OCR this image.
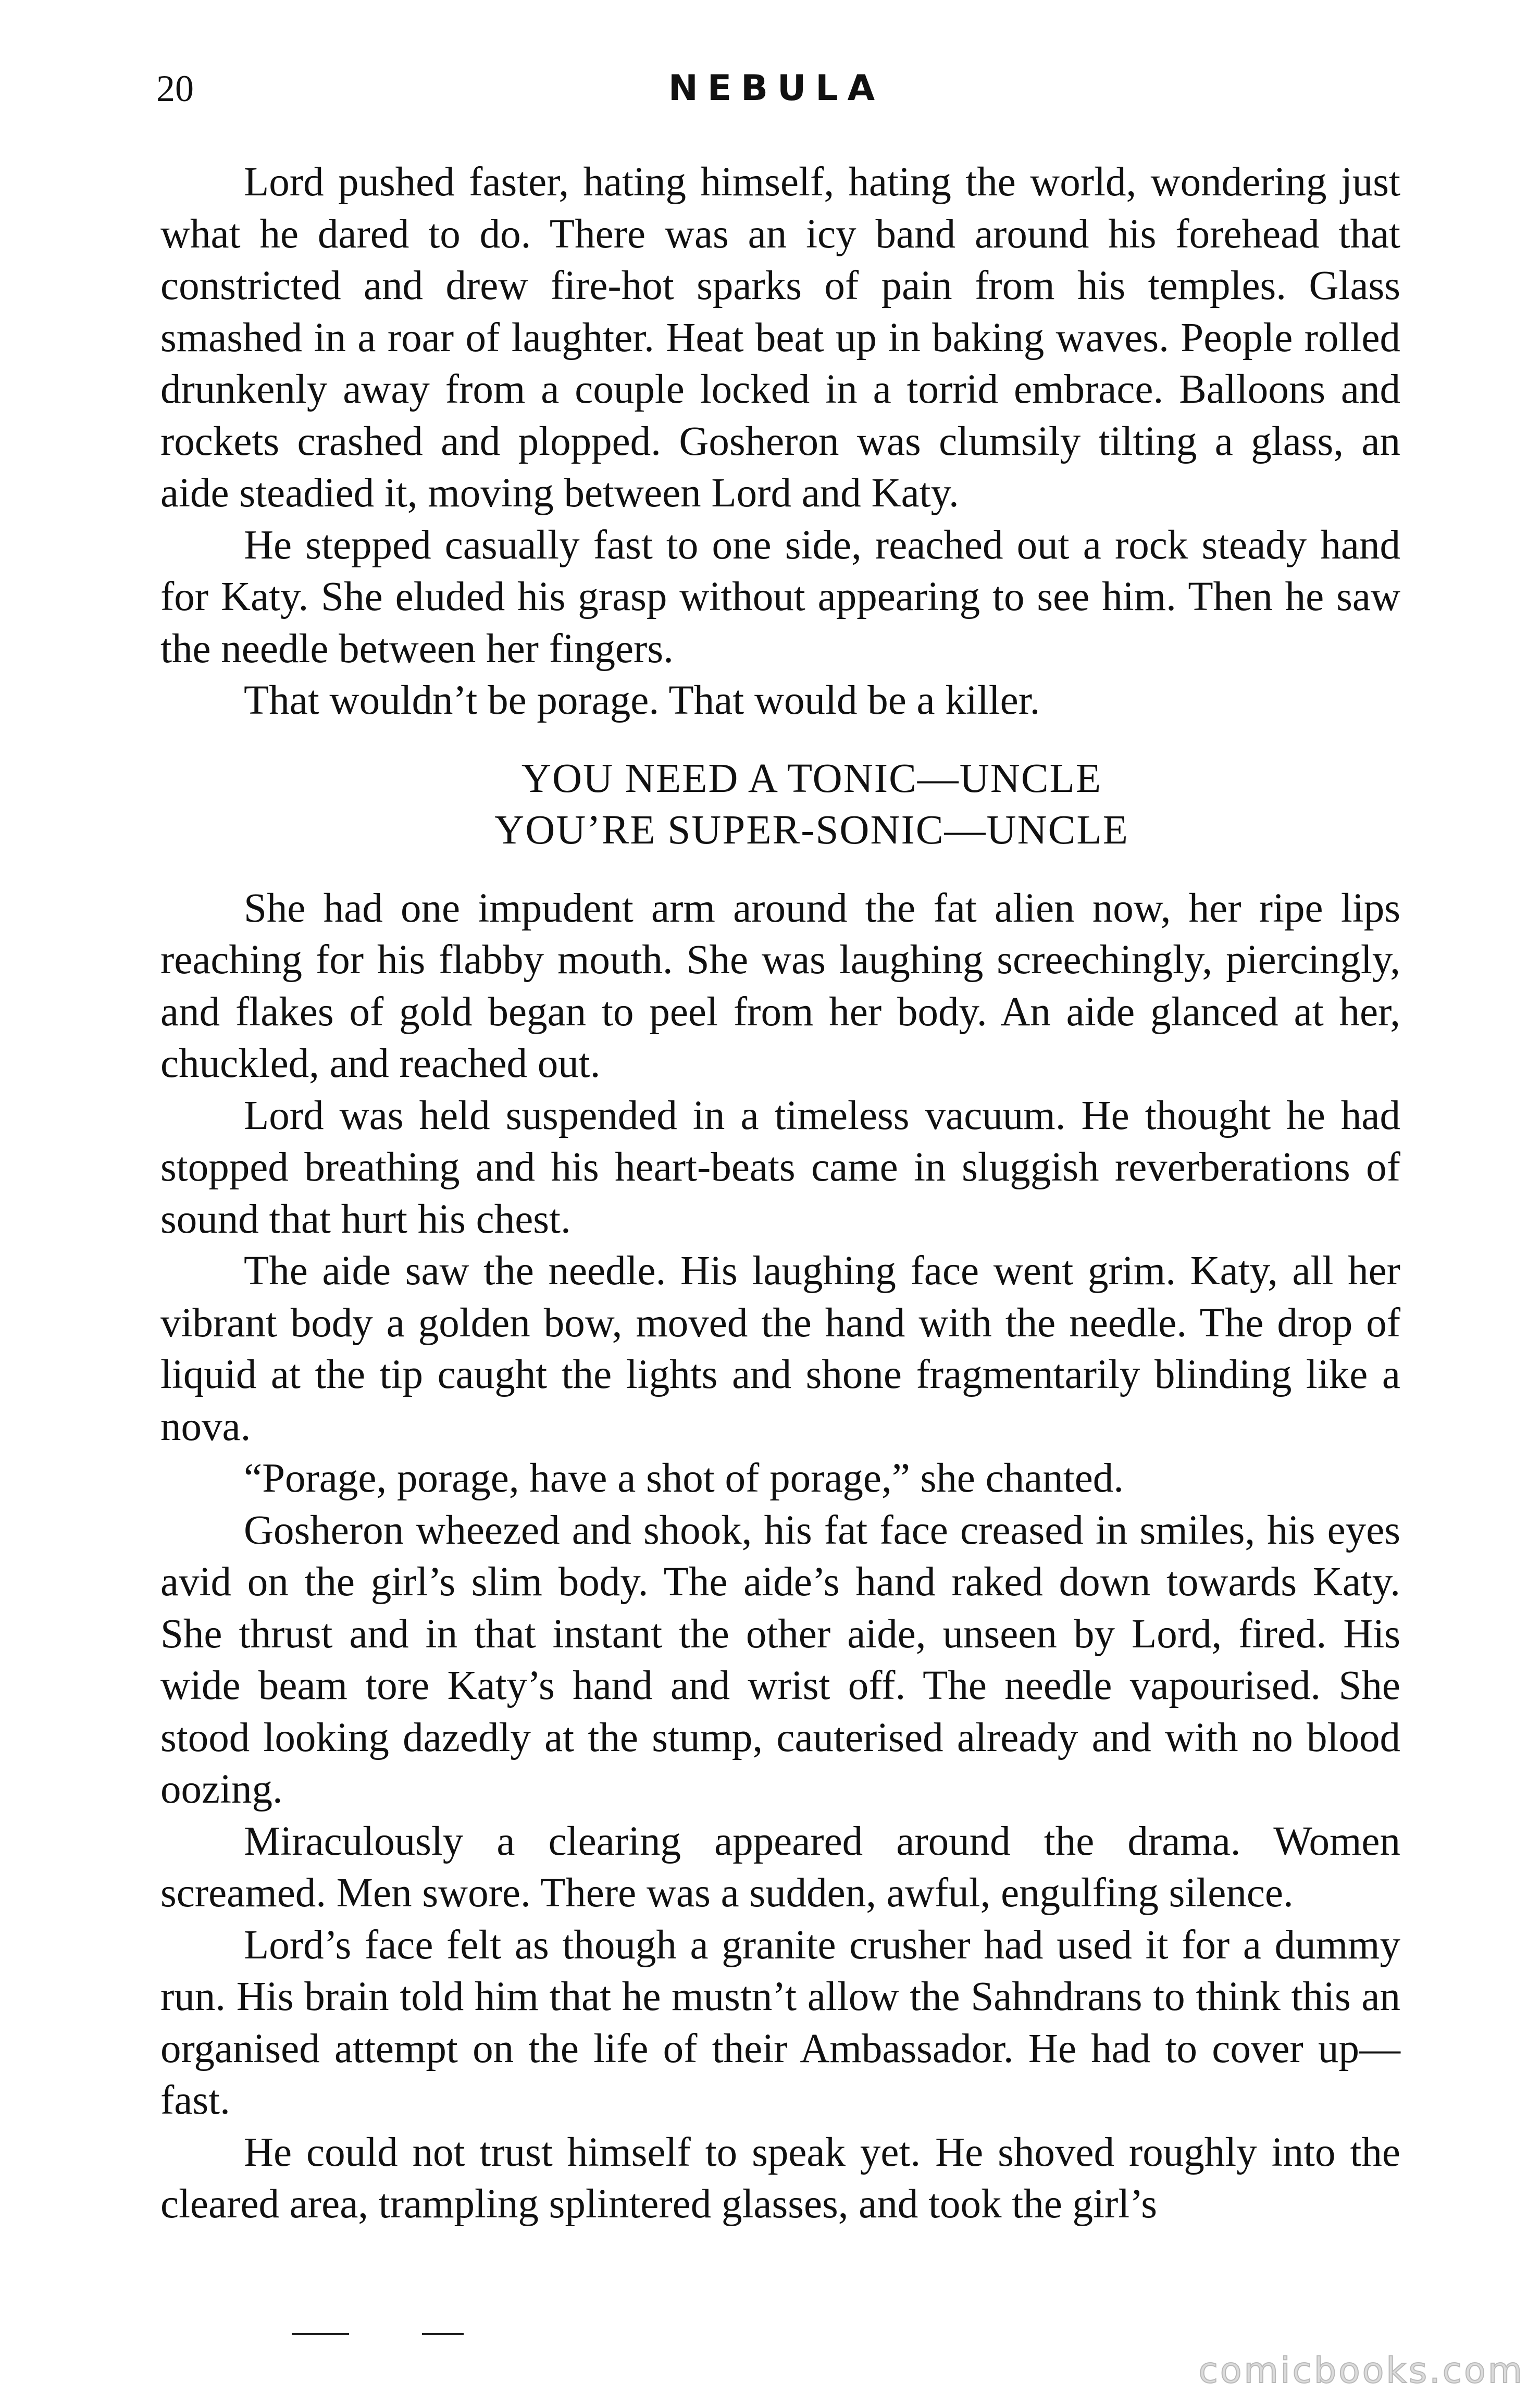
20	NEBULA

Lord pushed faster, hating himself, hating the world, wondering just what he dared to do. There was an icy band around his forehead that constricted and drew fire-hot sparks of pain from his temples. Glass smashed in a roar of laughter. Heat beat up in baking waves. People rolled drunkenly away from a couple locked in a torrid embrace. Balloons and rockets crashed and plopped. Gosheron was clumsily tilting a glass, an aide steadied it, moving between Lord and Katy.

He stepped casually fast to one side, reached out a rock steady hand for Katy. She eluded his grasp without appearing to see him. Then he saw the needle between her fingers.

That wouldn’t be porage. That would be a killer.

YOU NEED A TONIC—UNCLE
YOU’RE SUPER-SONIC—UNCLE

She had one impudent arm around the fat alien now, her ripe lips reaching for his flabby mouth. She was laughing screechingly, piercingly, and flakes of gold began to peel from her body. An aide glanced at her, chuckled, and reached out.

Lord was held suspended in a timeless vacuum. He thought he had stopped breathing and his heart-beats came in sluggish reverberations of sound that hurt his chest.

The aide saw the needle. His laughing face went grim. Katy, all her vibrant body a golden bow, moved the hand with the needle. The drop of liquid at the tip caught the lights and shone fragmentarily blinding like a nova.

“Porage, porage, have a shot of porage,” she chanted.

Gosheron wheezed and shook, his fat face creased in smiles, his eyes avid on the girl’s slim body. The aide’s hand raked down towards Katy. She thrust and in that instant the other aide, unseen by Lord, fired. His wide beam tore Katy’s hand and wrist off. The needle vapourised. She stood looking dazedly at the stump, cauterised already and with no blood oozing.

Miraculously a clearing appeared around the drama. Women screamed. Men swore. There was a sudden, awful, engulfing silence.

Lord’s face felt as though a granite crusher had used it for a dummy run. His brain told him that he mustn’t allow the Sahndrans to think this an organised attempt on the life of their Ambassador. He had to cover up—fast.

He could not trust himself to speak yet. He shoved roughly into the cleared area, trampling splintered glasses, and took the girl’s

comicbooks.com
